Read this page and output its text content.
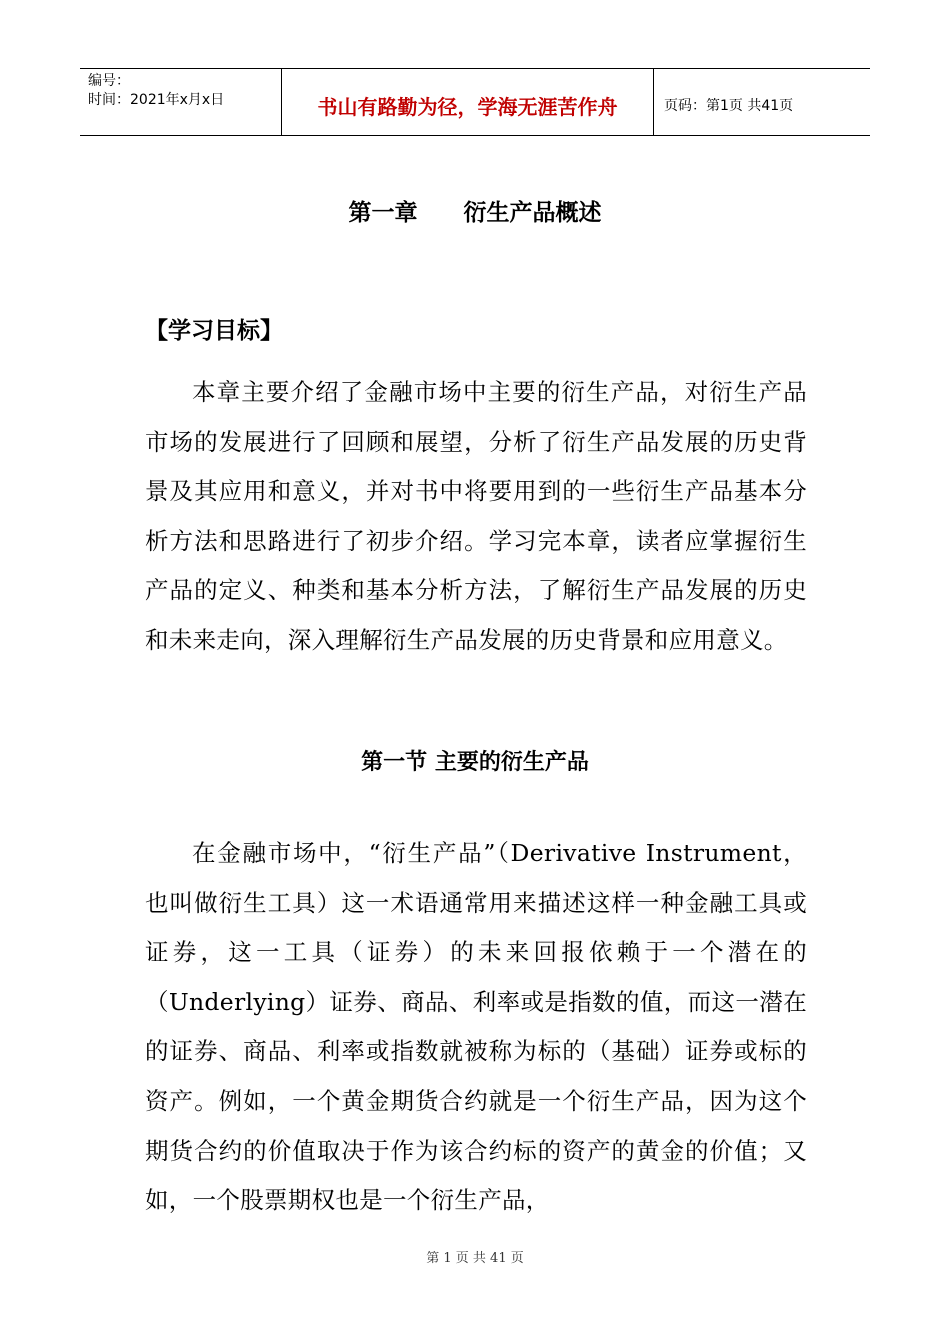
编号：
时间：2021年x月x日	书山有路勤为径，学海无涯苦作舟	页码：第1页 共41页
第一章　　衍生产品概述
【学习目标】
本章主要介绍了金融市场中主要的衍生产品，对衍生产品市场的发展进行了回顾和展望，分析了衍生产品发展的历史背景及其应用和意义，并对书中将要用到的一些衍生产品基本分析方法和思路进行了初步介绍。学习完本章，读者应掌握衍生产品的定义、种类和基本分析方法，了解衍生产品发展的历史和未来走向，深入理解衍生产品发展的历史背景和应用意义。
第一节 主要的衍生产品
在金融市场中，“衍生产品”（Derivative Instrument，也叫做衍生工具）这一术语通常用来描述这样一种金融工具或证券，这一工具（证券）的未来回报依赖于一个潜在的（Underlying）证券、商品、利率或是指数的值，而这一潜在的证券、商品、利率或指数就被称为标的（基础）证券或标的资产。例如，一个黄金期货合约就是一个衍生产品，因为这个期货合约的价值取决于作为该合约标的资产的黄金的价值；又如，一个股票期权也是一个衍生产品，
第 1 页 共 41 页
